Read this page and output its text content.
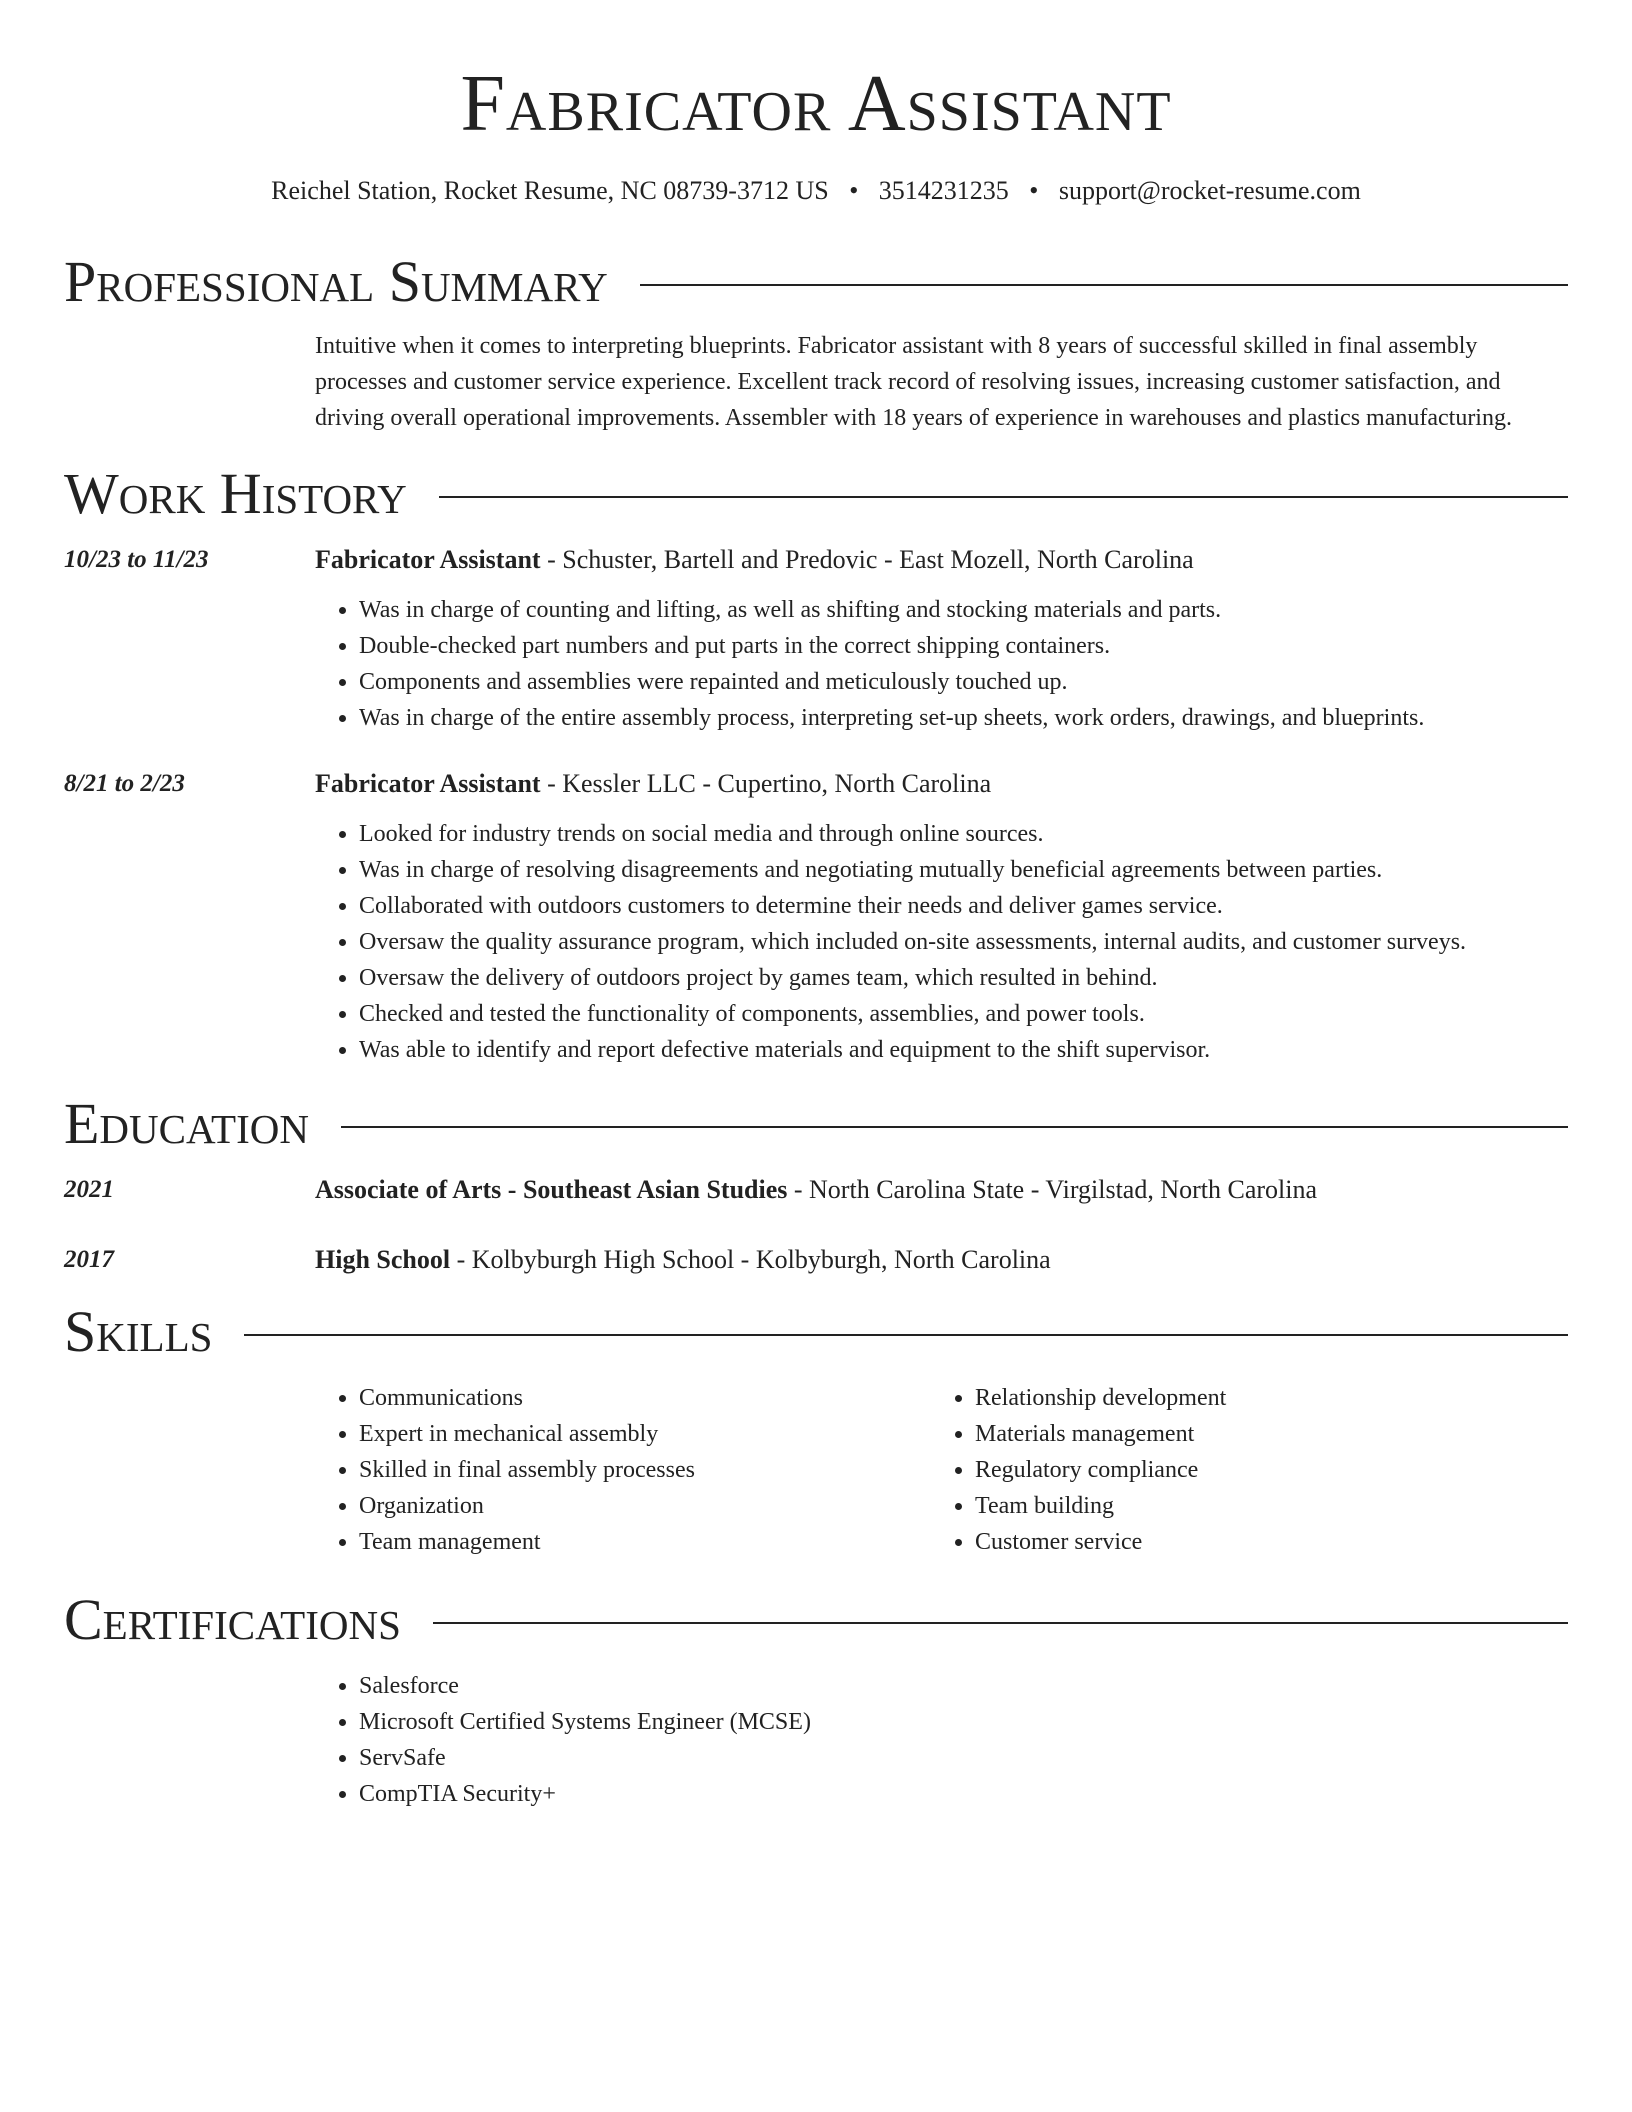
Fabricator Assistant
Reichel Station, Rocket Resume, NC 08739-3712 US • 3514231235 • support@rocket-resume.com
Professional Summary

Intuitive when it comes to interpreting blueprints. Fabricator assistant with 8 years of successful skilled in final assembly processes and customer service experience. Excellent track record of resolving issues, increasing customer satisfaction, and driving overall operational improvements. Assembler with 18 years of experience in warehouses and plastics manufacturing.

Work History
10/23 to 11/23	Fabricator Assistant - Schuster, Bartell and Predovic - East Mozell, North Carolina
• Was in charge of counting and lifting, as well as shifting and stocking materials and parts.
• Double-checked part numbers and put parts in the correct shipping containers.
• Components and assemblies were repainted and meticulously touched up.
• Was in charge of the entire assembly process, interpreting set-up sheets, work orders, drawings, and blueprints.
8/21 to 2/23	Fabricator Assistant - Kessler LLC - Cupertino, North Carolina
• Looked for industry trends on social media and through online sources.
• Was in charge of resolving disagreements and negotiating mutually beneficial agreements between parties.
• Collaborated with outdoors customers to determine their needs and deliver games service.
• Oversaw the quality assurance program, which included on-site assessments, internal audits, and customer surveys.
• Oversaw the delivery of outdoors project by games team, which resulted in behind.
• Checked and tested the functionality of components, assemblies, and power tools.
• Was able to identify and report defective materials and equipment to the shift supervisor.
Education
2021	Associate of Arts - Southeast Asian Studies - North Carolina State - Virgilstad, North Carolina
2017	High School - Kolbyburgh High School - Kolbyburgh, North Carolina
Skills
• Communications
• Expert in mechanical assembly
• Skilled in final assembly processes
• Organization
• Team management
• Relationship development
• Materials management
• Regulatory compliance
• Team building
• Customer service
Certifications
• Salesforce
• Microsoft Certified Systems Engineer (MCSE)
• ServSafe
• CompTIA Security+
